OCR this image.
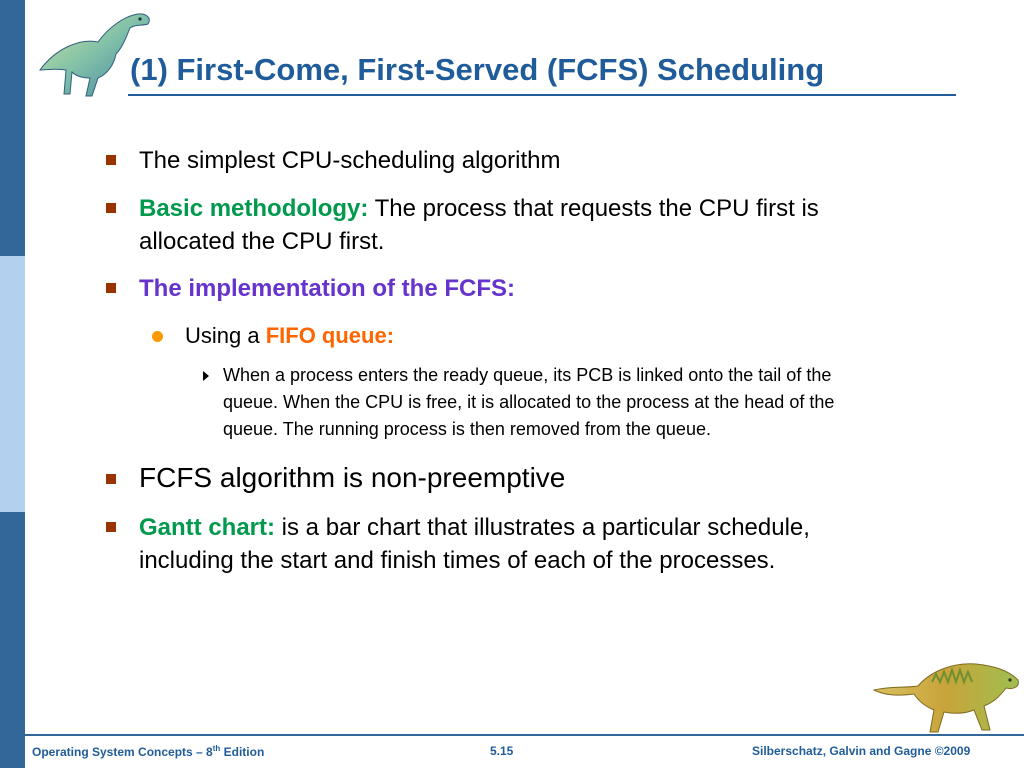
(1) First-Come, First-Served (FCFS) Scheduling
The simplest CPU-scheduling algorithm
Basic methodology: The process that requests the CPU first is
allocated the CPU first.
The implementation of the FCFS:
Using a FIFO queue:
When a process enters the ready queue, its PCB is linked onto the tail of the
queue. When the CPU is free, it is allocated to the process at the head of the
queue. The running process is then removed from the queue.
FCFS algorithm is non-preemptive
Gantt chart: is a bar chart that illustrates a particular schedule,
including the start and finish times of each of the processes.
Operating System Concepts – 8th Edition	5.15	Silberschatz, Galvin and Gagne ©2009
